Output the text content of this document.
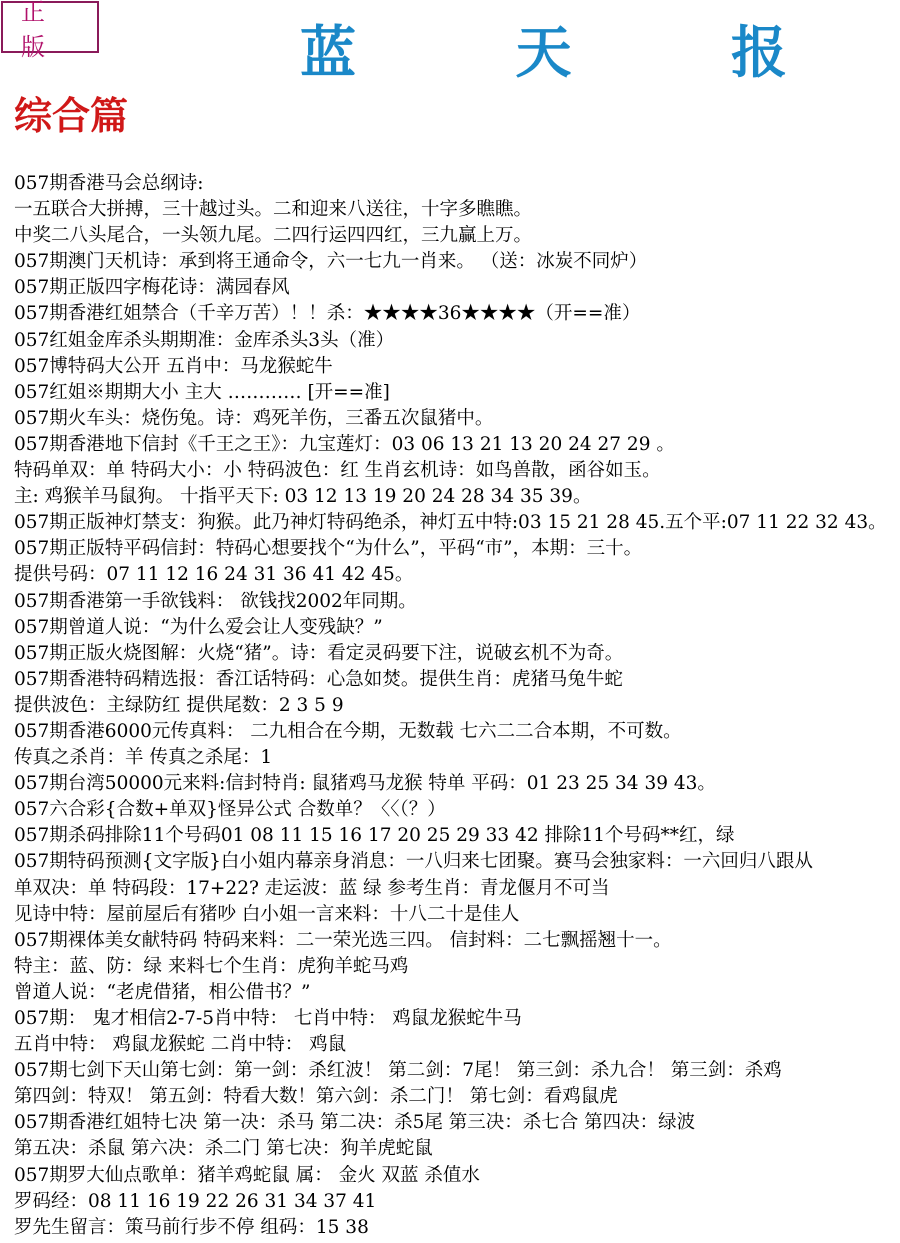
正 版	蓝 天 报
综合篇
057期香港马会总纲诗:
一五联合大拼搏，三十越过头。二和迎来八送往，十字多瞧瞧。
中奖二八头尾合，一头领九尾。二四行运四四红，三九赢上万。
057期澳门天机诗：承到将王通命令，六一七九一肖来。 （送：冰炭不同炉）
057期正版四字梅花诗：满园春风
057期香港红姐禁合（千辛万苦）！！杀：★★★★36★★★★（开==准）
057红姐金库杀头期期准：金库杀头3头（准）
057博特码大公开 五肖中：马龙猴蛇牛
057红姐※期期大小 主大 ………… [开==准]
057期火车头：烧伤兔。诗：鸡死羊伤，三番五次鼠猪中。
057期香港地下信封《千王之王》：九宝莲灯：03 06 13 21 13 20 24 27 29 。
特码单双：单 特码大小：小 特码波色：红 生肖玄机诗：如鸟兽散，函谷如玉。
主: 鸡猴羊马鼠狗。 十指平天下: 03 12 13 19 20 24 28 34 35 39。
057期正版神灯禁支：狗猴。此乃神灯特码绝杀，神灯五中特:03 15 21 28 45.五个平:07 11 22 32 43。
057期正版特平码信封：特码心想要找个“为什么”，平码“市”，本期：三十。
提供号码：07 11 12 16 24 31 36 41 42 45。
057期香港第一手欲钱料： 欲钱找2002年同期。
057期曾道人说：“为什么爱会让人变残缺？”
057期正版火烧图解：火烧“猪”。诗：看定灵码要下注，说破玄机不为奇。
057期香港特码精选报：香江话特码：心急如焚。提供生肖：虎猪马兔牛蛇
提供波色：主绿防红 提供尾数：2 3 5 9
057期香港6000元传真料： 二九相合在今期，无数载 七六二二合本期，不可数。
传真之杀肖：羊 传真之杀尾：1
057期台湾50000元来料:信封特肖: 鼠猪鸡马龙猴 特单 平码：01 23 25 34 39 43。
057六合彩{合数+单双}怪异公式 合数单？〈〈（？）
057期杀码排除11个号码01 08 11 15 16 17 20 25 29 33 42 排除11个号码**红，绿
057期特码预测{文字版}白小姐内幕亲身消息：一八归来七团聚。赛马会独家料：一六回归八跟从
单双决：单 特码段：17+22? 走运波：蓝 绿 参考生肖：青龙偃月不可当
见诗中特：屋前屋后有猪吵 白小姐一言来料：十八二十是佳人
057期裸体美女献特码 特码来料：二一荣光选三四。 信封料：二七飘摇翘十一。
特主：蓝、防：绿 来料七个生肖：虎狗羊蛇马鸡
曾道人说：“老虎借猪，相公借书？”
057期： 鬼才相信2-7-5肖中特： 七肖中特： 鸡鼠龙猴蛇牛马
五肖中特： 鸡鼠龙猴蛇 二肖中特： 鸡鼠
057期七剑下天山第七剑：第一剑：杀红波！ 第二剑：7尾！ 第三剑：杀九合！ 第三剑：杀鸡
第四剑：特双！ 第五剑：特看大数！第六剑：杀二门！ 第七剑：看鸡鼠虎
057期香港红姐特七决 第一决：杀马 第二决：杀5尾 第三决：杀七合 第四决：绿波
第五决：杀鼠 第六决：杀二门 第七决：狗羊虎蛇鼠
057期罗大仙点歌单：猪羊鸡蛇鼠 属： 金火 双蓝 杀值水
罗码经：08 11 16 19 22 26 31 34 37 41
罗先生留言：策马前行步不停 组码：15 38
